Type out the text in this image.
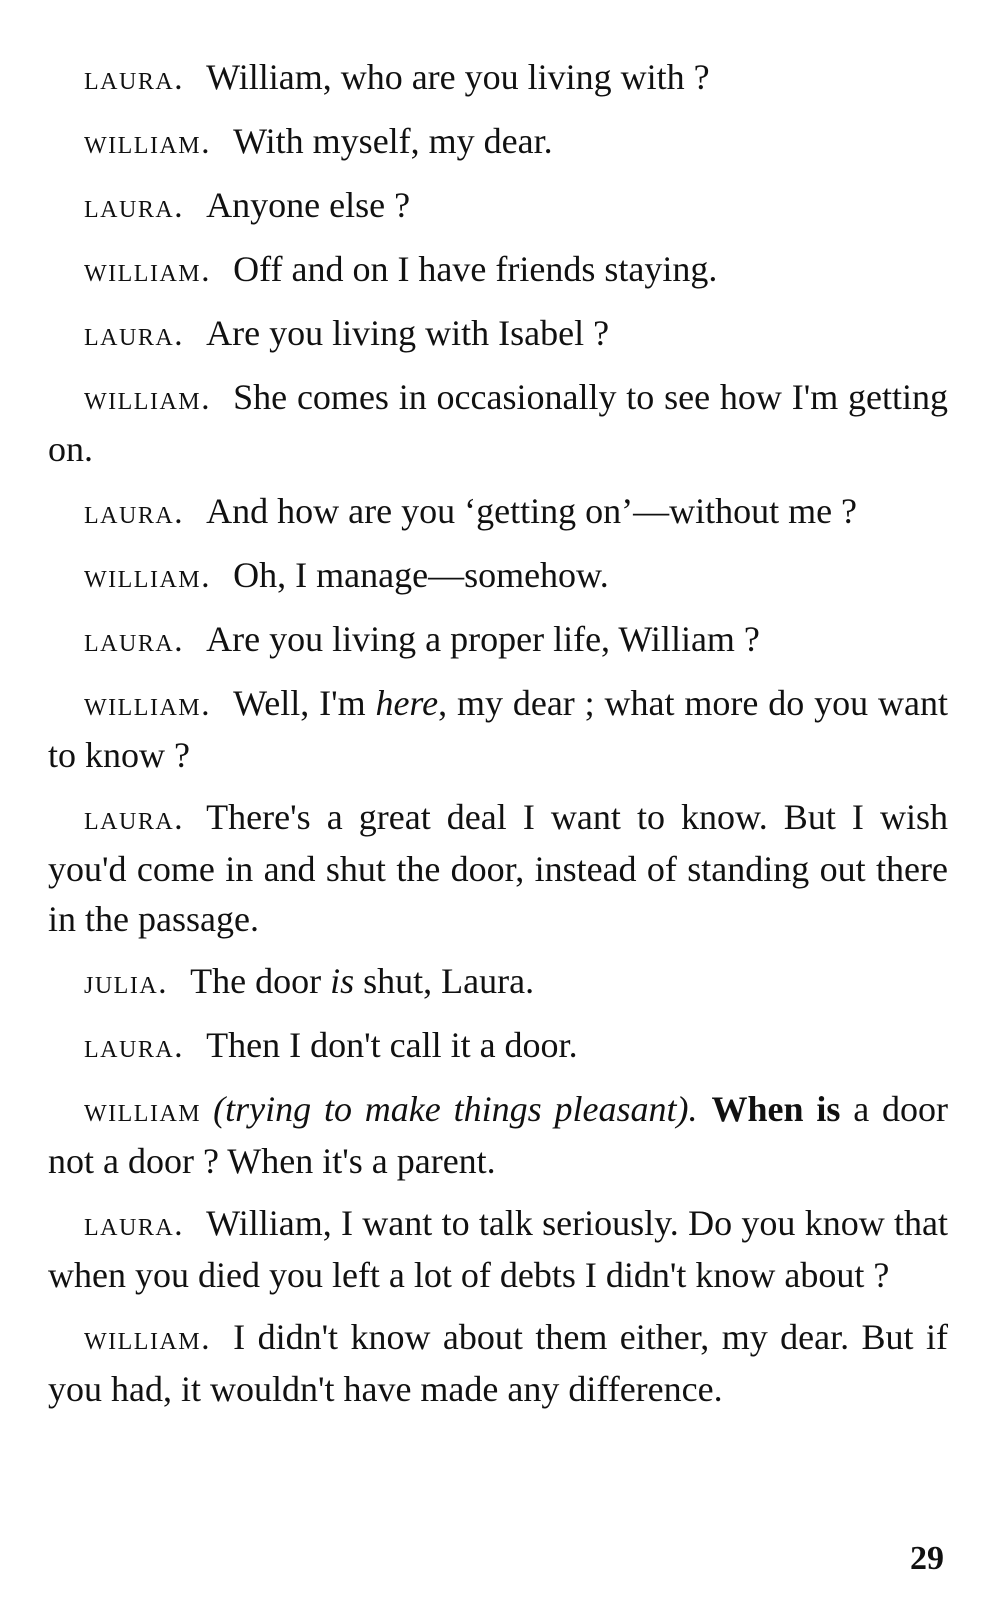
laura. William, who are you living with ?

william. With myself, my dear.

laura. Anyone else ?

william. Off and on I have friends staying.

laura. Are you living with Isabel ?

william. She comes in occasionally to see how I'm getting on.

laura. And how are you ‘getting on’—without me ?

william. Oh, I manage—somehow.

laura. Are you living a proper life, William ?

william. Well, I'm here, my dear ; what more do you want to know ?

laura. There's a great deal I want to know. But I wish you'd come in and shut the door, instead of standing out there in the passage.

julia. The door is shut, Laura.

laura. Then I don't call it a door.

william (trying to make things pleasant). When is a door not a door ? When it's a parent.

laura. William, I want to talk seriously. Do you know that when you died you left a lot of debts I didn't know about ?

william. I didn't know about them either, my dear. But if you had, it wouldn't have made any difference.

29
